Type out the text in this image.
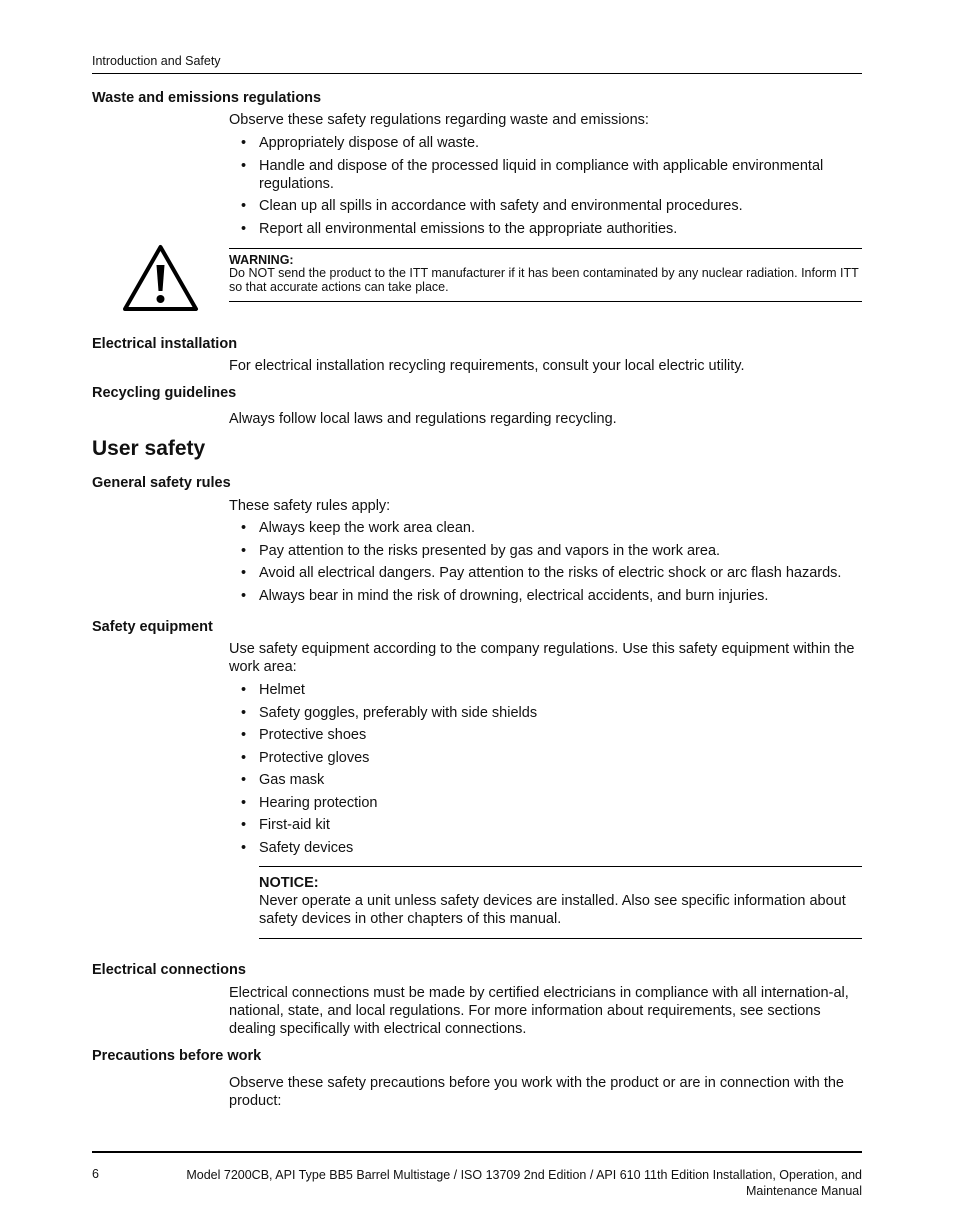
Introduction and Safety
Waste and emissions regulations
Observe these safety regulations regarding waste and emissions:
• Appropriately dispose of all waste.
• Handle and dispose of the processed liquid in compliance with applicable environmental regulations.
• Clean up all spills in accordance with safety and environmental procedures.
• Report all environmental emissions to the appropriate authorities.
WARNING:
Do NOT send the product to the ITT manufacturer if it has been contaminated by any nuclear radiation. Inform ITT so that accurate actions can take place.
Electrical installation
For electrical installation recycling requirements, consult your local electric utility.
Recycling guidelines
Always follow local laws and regulations regarding recycling.
User safety
General safety rules
These safety rules apply:
• Always keep the work area clean.
• Pay attention to the risks presented by gas and vapors in the work area.
• Avoid all electrical dangers. Pay attention to the risks of electric shock or arc flash hazards.
• Always bear in mind the risk of drowning, electrical accidents, and burn injuries.
Safety equipment
Use safety equipment according to the company regulations. Use this safety equipment within the work area:
• Helmet
• Safety goggles, preferably with side shields
• Protective shoes
• Protective gloves
• Gas mask
• Hearing protection
• First-aid kit
• Safety devices
NOTICE:
Never operate a unit unless safety devices are installed. Also see specific information about safety devices in other chapters of this manual.
Electrical connections
Electrical connections must be made by certified electricians in compliance with all internation-al, national, state, and local regulations. For more information about requirements, see sections dealing specifically with electrical connections.
Precautions before work
Observe these safety precautions before you work with the product or are in connection with the product:
6	Model 7200CB, API Type BB5 Barrel Multistage / ISO 13709 2nd Edition / API 610 11th Edition Installation, Operation, and Maintenance Manual
